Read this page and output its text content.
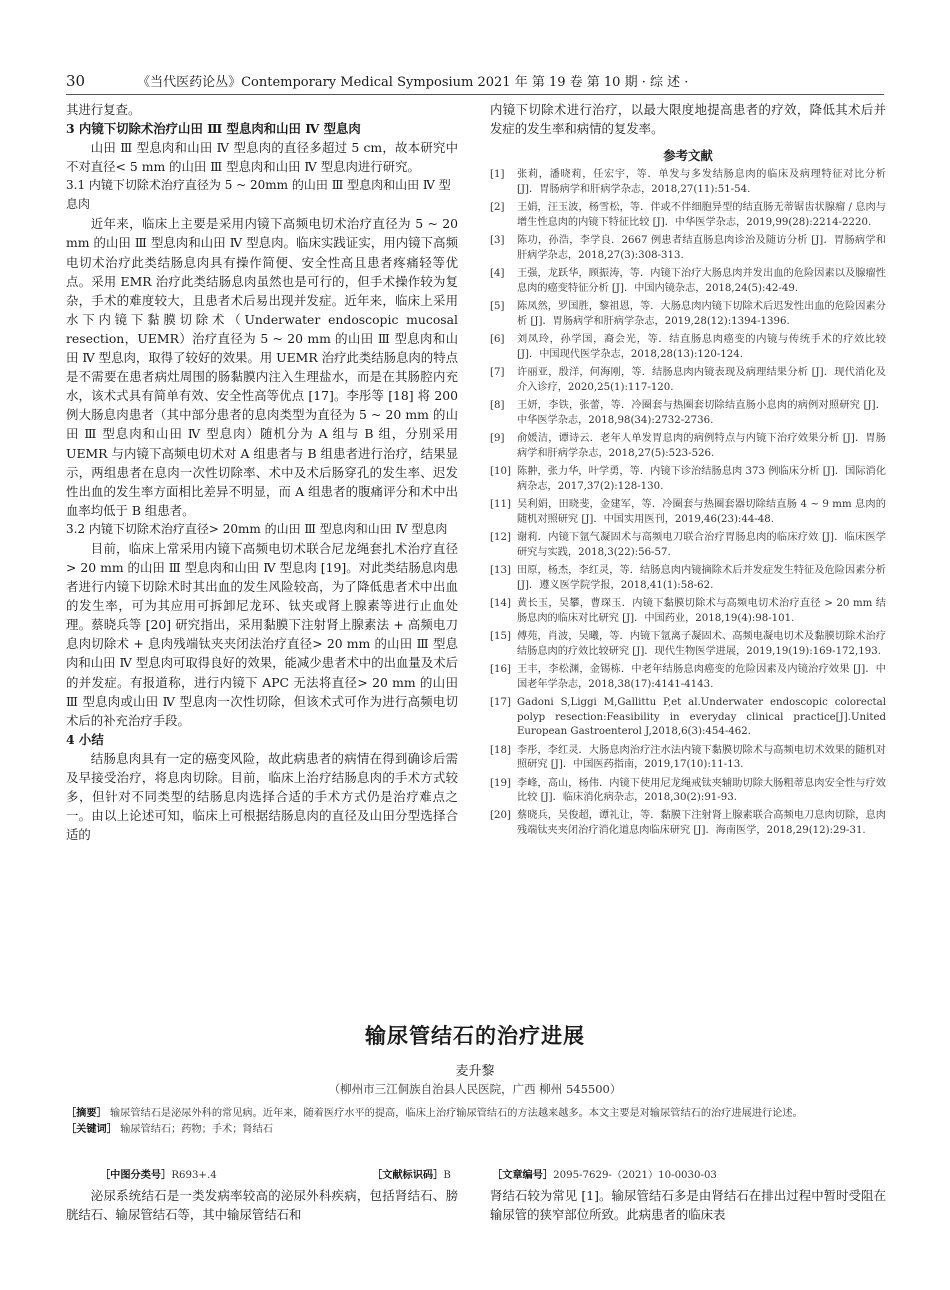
30	《当代医药论丛》Contemporary Medical Symposium 2021 年 第 19 卷 第 10 期 · 综 述 ·

其进行复查。

3 内镜下切除术治疗山田 Ⅲ 型息肉和山田 Ⅳ 型息肉

山田 Ⅲ 型息肉和山田 Ⅳ 型息肉的直径多超过 5 cm，故本研究中不对直径< 5 mm 的山田 Ⅲ 型息肉和山田 Ⅳ 型息肉进行研究。

3.1 内镜下切除术治疗直径为 5 ~ 20mm 的山田 Ⅲ 型息肉和山田 Ⅳ 型息肉

近年来，临床上主要是采用内镜下高频电切术治疗直径为 5 ~ 20 mm 的山田 Ⅲ 型息肉和山田 Ⅳ 型息肉。临床实践证实，用内镜下高频电切术治疗此类结肠息肉具有操作简便、安全性高且患者疼痛轻等优点。采用 EMR 治疗此类结肠息肉虽然也是可行的，但手术操作较为复杂，手术的难度较大，且患者术后易出现并发症。近年来，临床上采用水下内镜下黏膜切除术（Underwater endoscopic mucosal resection，UEMR）治疗直径为 5 ~ 20 mm 的山田 Ⅲ 型息肉和山田 Ⅳ 型息肉，取得了较好的效果。用 UEMR 治疗此类结肠息肉的特点是不需要在患者病灶周围的肠黏膜内注入生理盐水，而是在其肠腔内充水，该术式具有简单有效、安全性高等优点 [17]。李彤等 [18] 将 200 例大肠息肉患者（其中部分患者的息肉类型为直径为 5 ~ 20 mm 的山田 Ⅲ 型息肉和山田 Ⅳ 型息肉）随机分为 A 组与 B 组，分别采用 UEMR 与内镜下高频电切术对 A 组患者与 B 组患者进行治疗，结果显示，两组患者在息肉一次性切除率、术中及术后肠穿孔的发生率、迟发性出血的发生率方面相比差异不明显，而 A 组患者的腹痛评分和术中出血率均低于 B 组患者。

3.2 内镜下切除术治疗直径> 20mm 的山田 Ⅲ 型息肉和山田 Ⅳ 型息肉

目前，临床上常采用内镜下高频电切术联合尼龙绳套扎术治疗直径> 20 mm 的山田 Ⅲ 型息肉和山田 Ⅳ 型息肉 [19]。对此类结肠息肉患者进行内镜下切除术时其出血的发生风险较高，为了降低患者术中出血的发生率，可为其应用可拆卸尼龙环、钛夹或肾上腺素等进行止血处理。蔡晓兵等 [20] 研究指出，采用黏膜下注射肾上腺素法 + 高频电刀息肉切除术 + 息肉残端钛夹夹闭法治疗直径> 20 mm 的山田 Ⅲ 型息肉和山田 Ⅳ 型息肉可取得良好的效果，能减少患者术中的出血量及术后的并发症。有报道称，进行内镜下 APC 无法将直径> 20 mm 的山田 Ⅲ 型息肉或山田 Ⅳ 型息肉一次性切除，但该术式可作为进行高频电切术后的补充治疗手段。

4 小结

结肠息肉具有一定的癌变风险，故此病患者的病情在得到确诊后需及早接受治疗，将息肉切除。目前，临床上治疗结肠息肉的手术方式较多，但针对不同类型的结肠息肉选择合适的手术方式仍是治疗难点之一。由以上论述可知，临床上可根据结肠息肉的直径及山田分型选择合适的

内镜下切除术进行治疗，以最大限度地提高患者的疗效，降低其术后并发症的发生率和病情的复发率。

参考文献
[1]	张莉，潘晓莉，任宏宇，等．单发与多发结肠息肉的临床及病理特征对比分析 [J]．胃肠病学和肝病学杂志，2018,27(11):51-54.
[2]	王娟，汪玉波，杨雪松，等．伴或不伴细胞异型的结直肠无蒂锯齿状腺瘤 / 息肉与增生性息肉的内镜下特征比较 [J]．中华医学杂志，2019,99(28):2214-2220.
[3]	陈功，孙浩，李学良．2667 例患者结直肠息肉诊治及随访分析 [J]．胃肠病学和肝病学杂志，2018,27(3):308-313.
[4]	王强，龙跃华，顾振涛，等．内镜下治疗大肠息肉并发出血的危险因素以及腺瘤性息肉的癌变特征分析 [J]．中国内镜杂志，2018,24(5):42-49.
[5]	陈凤然，罗国胜，黎祖恩，等．大肠息肉内镜下切除术后迟发性出血的危险因素分析 [J]．胃肠病学和肝病学杂志，2019,28(12):1394-1396.
[6]	刘凤玲，孙学国，裔会光，等．结直肠息肉癌变的内镜与传统手术的疗效比较 [J]．中国现代医学杂志，2018,28(13):120-124.
[7]	许丽亚，殷洋，何海刚，等．结肠息肉内镜表现及病理结果分析 [J]．现代消化及介入诊疗，2020,25(1):117-120.
[8]	王妍，李铁，张蕾，等．冷圈套与热圈套切除结直肠小息肉的病例对照研究 [J]．中华医学杂志，2018,98(34):2732-2736.
[9]	俞媛洁，谭诗云．老年人单发胃息肉的病例特点与内镜下治疗效果分析 [J]．胃肠病学和肝病学杂志，2018,27(5):523-526.
[10] 陈翀，张力华，叶学勇，等．内镜下诊治结肠息肉 373 例临床分析 [J]．国际消化病杂志，2017,37(2):128-130.
[11] 吴利娟，田晓斐，金建军，等．冷圈套与热圈套器切除结直肠 4 ~ 9 mm 息肉的随机对照研究 [J]．中国实用医刊，2019,46(23):44-48.
[12] 谢莉．内镜下氩气凝固术与高频电刀联合治疗胃肠息肉的临床疗效 [J]．临床医学研究与实践，2018,3(22):56-57.
[13] 田原，杨杰，李红灵，等．结肠息肉内镜摘除术后并发症发生特征及危险因素分析 [J]．遵义医学院学报，2018,41(1):58-62.
[14] 黄长玉，吴攀，曹琛玉．内镜下黏膜切除术与高频电切术治疗直径 > 20 mm 结肠息肉的临床对比研究 [J]．中国药业，2018,19(4):98-101.
[15] 傅苑，肖波，吴曦，等．内镜下氩离子凝固术、高频电凝电切术及黏膜切除术治疗结肠息肉的疗效比较研究 [J]．现代生物医学进展，2019,19(19):169-172,193.
[16] 王丰，李松渊，金锡栋．中老年结肠息肉癌变的危险因素及内镜治疗效果 [J]．中国老年学杂志，2018,38(17):4141-4143.
[17] Gadoni S,Liggi M,Gallittu P,et al.Underwater endoscopic colorectal polyp resection:Feasibility in everyday clinical practice[J].United European Gastroenterol J,2018,6(3):454-462.
[18] 李彤，李红灵．大肠息肉治疗注水法内镜下黏膜切除术与高频电切术效果的随机对照研究 [J]．中国医药指南，2019,17(10):11-13.
[19] 李峰，高山，杨伟．内镜下使用尼龙绳戒钛夹辅助切除大肠粗蒂息肉安全性与疗效比较 [J]．临床消化病杂志，2018,30(2):91-93.
[20] 蔡晓兵，吴俊超，谭礼让，等．黏膜下注射肾上腺素联合高频电刀息肉切除，息肉残端钛夹夹闭治疗消化道息肉临床研究 [J]．海南医学，2018,29(12):29-31.
输尿管结石的治疗进展
麦升黎
（柳州市三江侗族自治县人民医院，广西 柳州 545500）
［摘要］ 输尿管结石是泌尿外科的常见病。近年来，随着医疗水平的提高，临床上治疗输尿管结石的方法越来越多。本文主要是对输尿管结石的治疗进展进行论述。
［关键词］ 输尿管结石；药物；手术；肾结石
［中图分类号］R693+.4	［文献标识码］B	［文章编号］2095-7629-（2021）10-0030-03

泌尿系统结石是一类发病率较高的泌尿外科疾病，包括肾结石、膀胱结石、输尿管结石等，其中输尿管结石和

肾结石较为常见 [1]。输尿管结石多是由肾结石在排出过程中暂时受阻在输尿管的狭窄部位所致。此病患者的临床表
